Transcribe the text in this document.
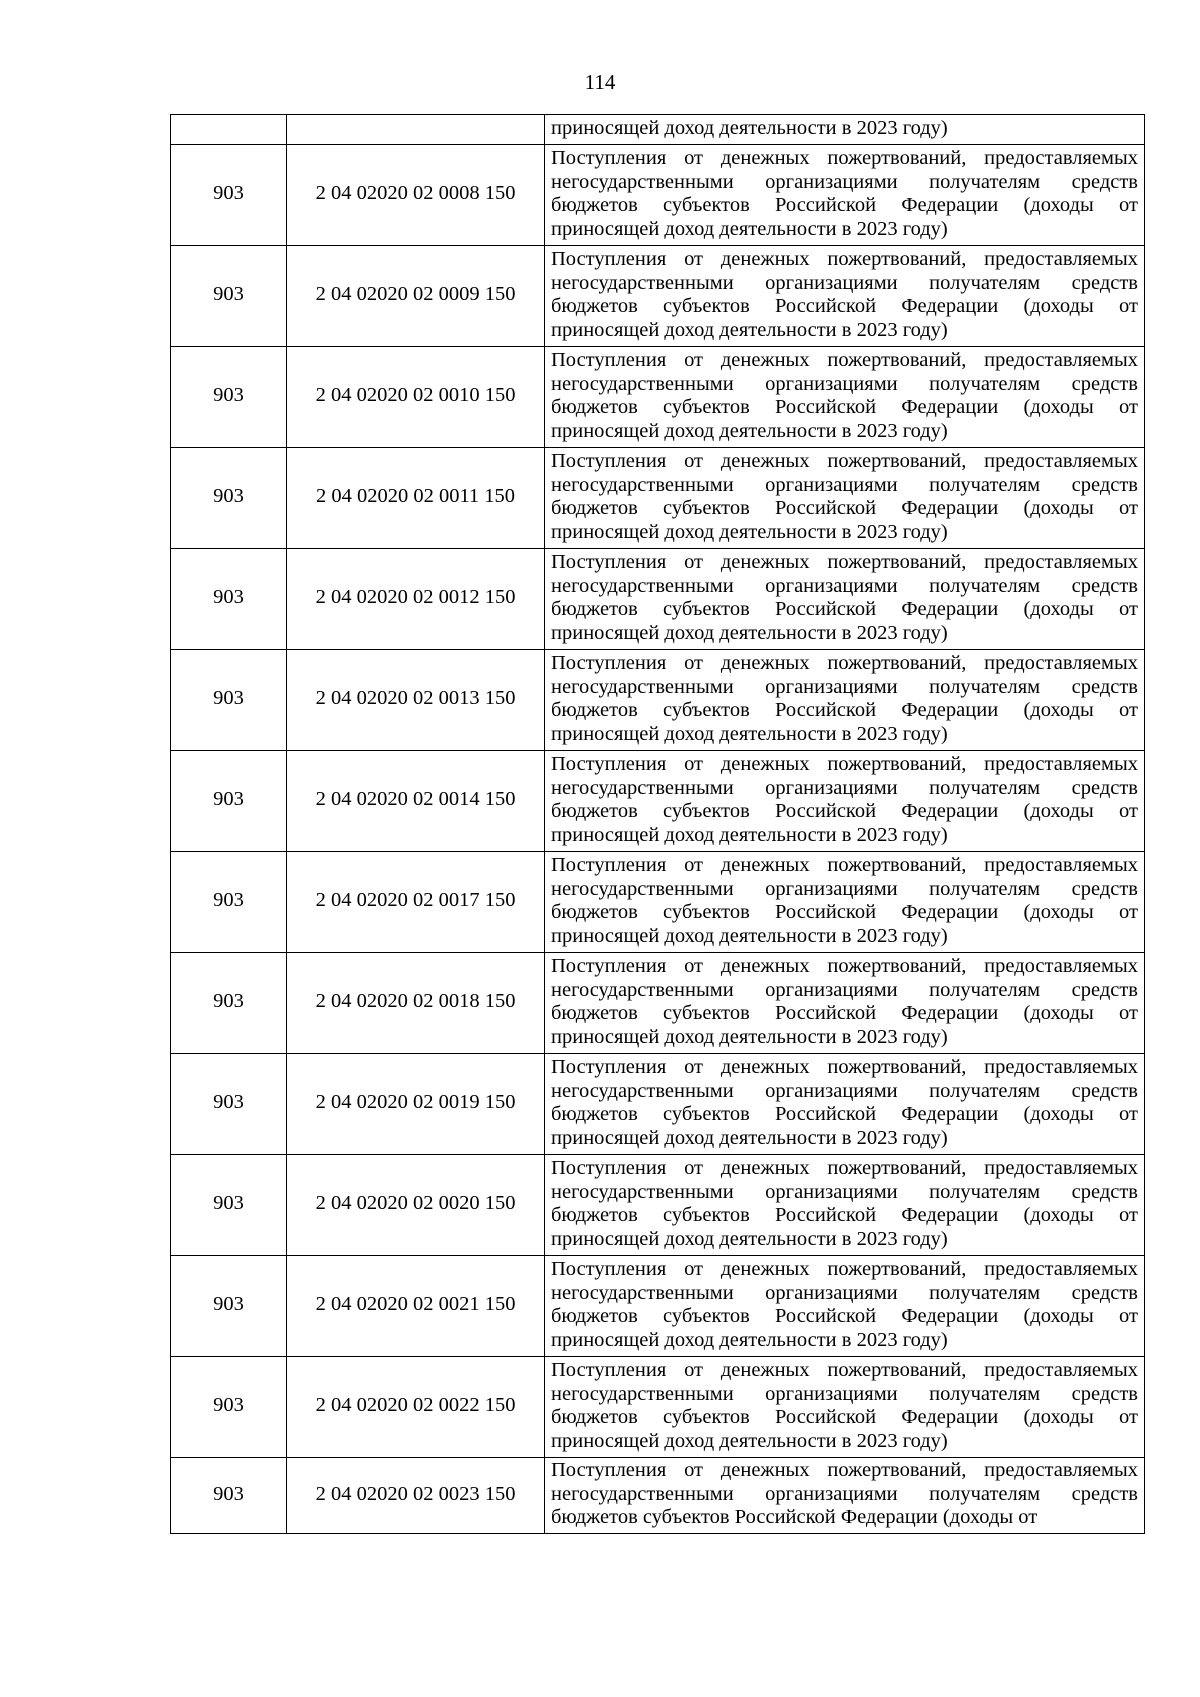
114
		приносящей доход деятельности в 2023 году)
903	2 04 02020 02 0008 150	Поступления от денежных пожертвований, предоставляемых негосударственными организациями получателям средств бюджетов субъектов Российской Федерации (доходы от приносящей доход деятельности в 2023 году)
903	2 04 02020 02 0009 150	Поступления от денежных пожертвований, предоставляемых негосударственными организациями получателям средств бюджетов субъектов Российской Федерации (доходы от приносящей доход деятельности в 2023 году)
903	2 04 02020 02 0010 150	Поступления от денежных пожертвований, предоставляемых негосударственными организациями получателям средств бюджетов субъектов Российской Федерации (доходы от приносящей доход деятельности в 2023 году)
903	2 04 02020 02 0011 150	Поступления от денежных пожертвований, предоставляемых негосударственными организациями получателям средств бюджетов субъектов Российской Федерации (доходы от приносящей доход деятельности в 2023 году)
903	2 04 02020 02 0012 150	Поступления от денежных пожертвований, предоставляемых негосударственными организациями получателям средств бюджетов субъектов Российской Федерации (доходы от приносящей доход деятельности в 2023 году)
903	2 04 02020 02 0013 150	Поступления от денежных пожертвований, предоставляемых негосударственными организациями получателям средств бюджетов субъектов Российской Федерации (доходы от приносящей доход деятельности в 2023 году)
903	2 04 02020 02 0014 150	Поступления от денежных пожертвований, предоставляемых негосударственными организациями получателям средств бюджетов субъектов Российской Федерации (доходы от приносящей доход деятельности в 2023 году)
903	2 04 02020 02 0017 150	Поступления от денежных пожертвований, предоставляемых негосударственными организациями получателям средств бюджетов субъектов Российской Федерации (доходы от приносящей доход деятельности в 2023 году)
903	2 04 02020 02 0018 150	Поступления от денежных пожертвований, предоставляемых негосударственными организациями получателям средств бюджетов субъектов Российской Федерации (доходы от приносящей доход деятельности в 2023 году)
903	2 04 02020 02 0019 150	Поступления от денежных пожертвований, предоставляемых негосударственными организациями получателям средств бюджетов субъектов Российской Федерации (доходы от приносящей доход деятельности в 2023 году)
903	2 04 02020 02 0020 150	Поступления от денежных пожертвований, предоставляемых негосударственными организациями получателям средств бюджетов субъектов Российской Федерации (доходы от приносящей доход деятельности в 2023 году)
903	2 04 02020 02 0021 150	Поступления от денежных пожертвований, предоставляемых негосударственными организациями получателям средств бюджетов субъектов Российской Федерации (доходы от приносящей доход деятельности в 2023 году)
903	2 04 02020 02 0022 150	Поступления от денежных пожертвований, предоставляемых негосударственными организациями получателям средств бюджетов субъектов Российской Федерации (доходы от приносящей доход деятельности в 2023 году)
903	2 04 02020 02 0023 150	Поступления от денежных пожертвований, предоставляемых негосударственными организациями получателям средств бюджетов субъектов Российской Федерации (доходы от
